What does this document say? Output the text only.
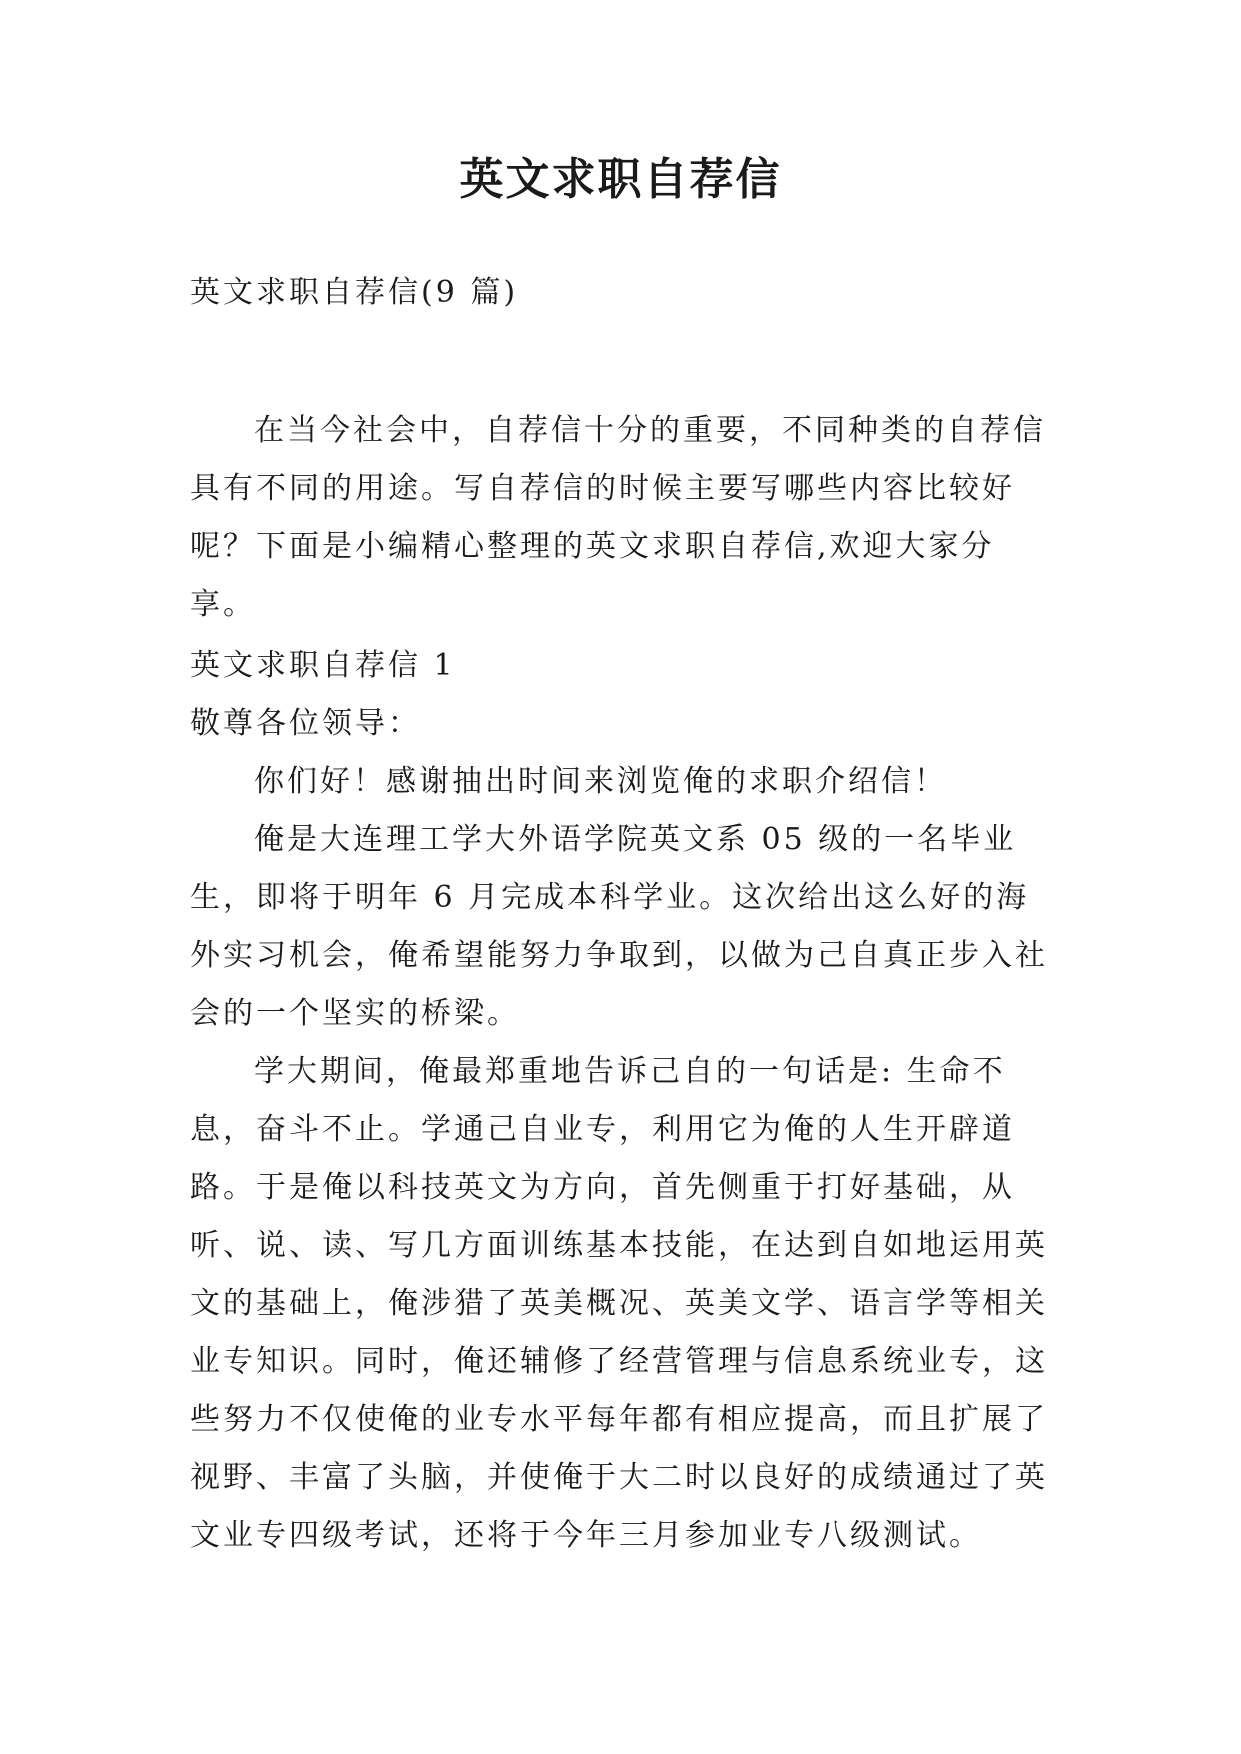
英文求职自荐信
英文求职自荐信(9 篇)
在当今社会中，自荐信十分的重要，不同种类的自荐信具有不同的用途。写自荐信的时候主要写哪些内容比较好呢？下面是小编精心整理的英文求职自荐信,欢迎大家分享。

英文求职自荐信 1

敬尊各位领导：

你们好！感谢抽出时间来浏览俺的求职介绍信！

俺是大连理工学大外语学院英文系 05 级的一名毕业生，即将于明年 6 月完成本科学业。这次给出这么好的海外实习机会，俺希望能努力争取到，以做为己自真正步入社会的一个坚实的桥梁。

学大期间，俺最郑重地告诉己自的一句话是: 生命不息，奋斗不止。学通己自业专，利用它为俺的人生开辟道路。于是俺以科技英文为方向，首先侧重于打好基础，从听、说、读、写几方面训练基本技能，在达到自如地运用英文的基础上，俺涉猎了英美概况、英美文学、语言学等相关业专知识。同时，俺还辅修了经营管理与信息系统业专，这些努力不仅使俺的业专水平每年都有相应提高，而且扩展了视野、丰富了头脑，并使俺于大二时以良好的成绩通过了英文业专四级考试，还将于今年三月参加业专八级测试。
